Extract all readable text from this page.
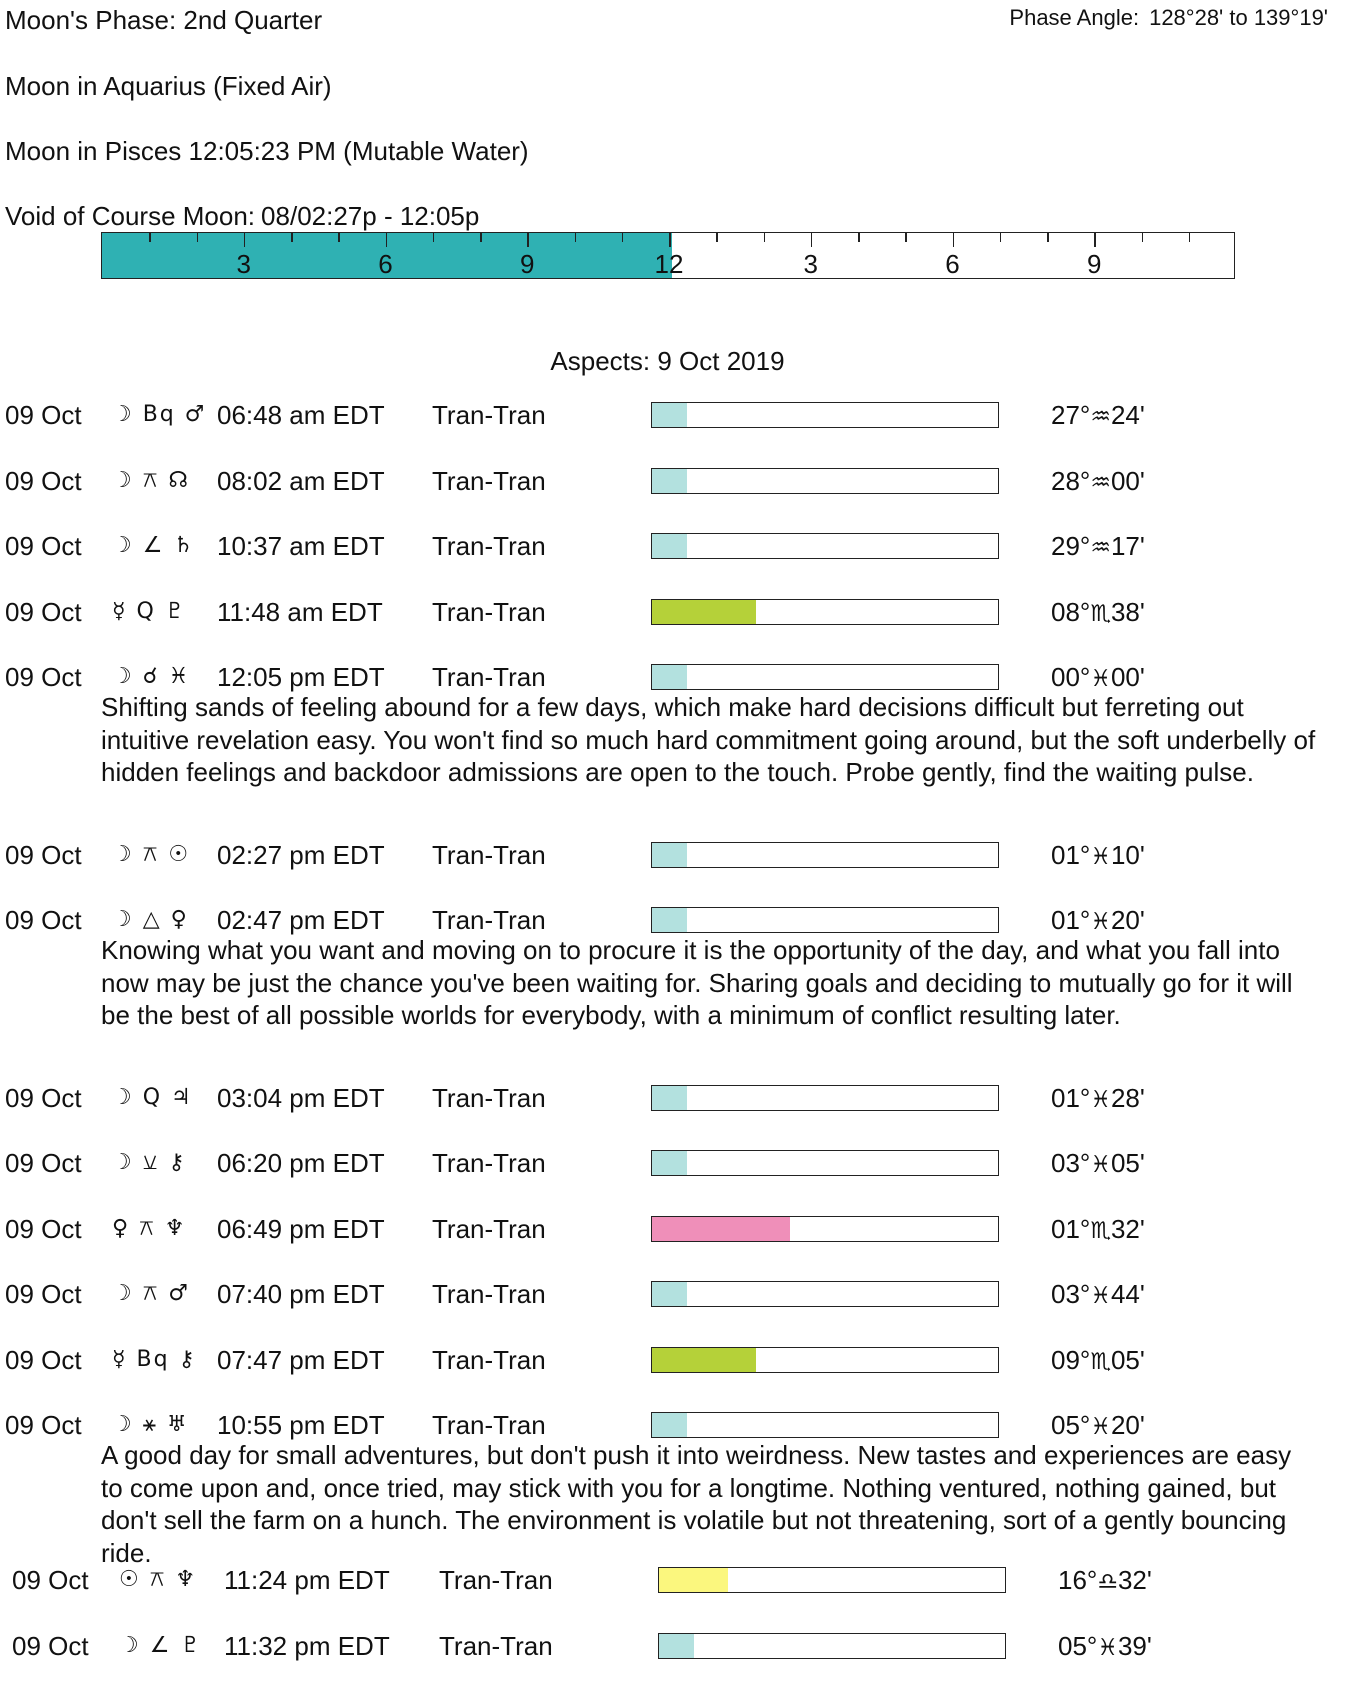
Moon's Phase: 2nd Quarter	Phase Angle: 128°28' to 139°19'
Moon in Aquarius (Fixed Air)
Moon in Pisces 12:05:23 PM (Mutable Water)
Void of Course Moon: 08/02:27p - 12:05p
3	6	9	12	3	6	9
Aspects: 9 Oct 2019
09 Oct ☽ Bq ♂ 06:48 am EDT Tran-Tran	27°♒24'
09 Oct ☽ ⚻ ☊	08:02 am EDT Tran-Tran	28°♒00'
09 Oct ☽ ∠ ♄ 10:37 am EDT Tran-Tran	29°♒17'
09 Oct ☿ Q ♇	11:48 am EDT Tran-Tran	08°♏38'
09 Oct ☽ ☌ ♓	12:05 pm EDT Tran-Tran	00°♓00'
Shifting sands of feeling abound for a few days, which make hard decisions difficult but ferreting out intuitive revelation easy. You won't find so much hard commitment going around, but the soft underbelly of hidden feelings and backdoor admissions are open to the touch. Probe gently, find the waiting pulse.
09 Oct ☽ ⚻ ☉	02:27 pm EDT Tran-Tran	01°♓10'
09 Oct ☽ △ ♀	02:47 pm EDT Tran-Tran	01°♓20'
Knowing what you want and moving on to procure it is the opportunity of the day, and what you fall into now may be just the chance you've been waiting for. Sharing goals and deciding to mutually go for it will be the best of all possible worlds for everybody, with a minimum of conflict resulting later.
09 Oct ☽ Q ♃ 03:04 pm EDT Tran-Tran	01°♓28'
09 Oct ☽ ⚺ ⚷	06:20 pm EDT Tran-Tran	03°♓05'
09 Oct ♀ ⚻ ♆	06:49 pm EDT Tran-Tran	01°♏32'
09 Oct ☽ ⚻ ♂	07:40 pm EDT Tran-Tran	03°♓44'
09 Oct ☿ Bq ⚷ 07:47 pm EDT Tran-Tran	09°♏05'
09 Oct ☽ ⚹ ♅	10:55 pm EDT Tran-Tran	05°♓20'
A good day for small adventures, but don't push it into weirdness. New tastes and experiences are easy to come upon and, once tried, may stick with you for a longtime. Nothing ventured, nothing gained, but don't sell the farm on a hunch. The environment is volatile but not threatening, sort of a gently bouncing ride.
09 Oct ☉ ⚻ ♆	11:24 pm EDT Tran-Tran	16°♎32'
09 Oct ☽ ∠ ♇ 11:32 pm EDT Tran-Tran	05°♓39'
